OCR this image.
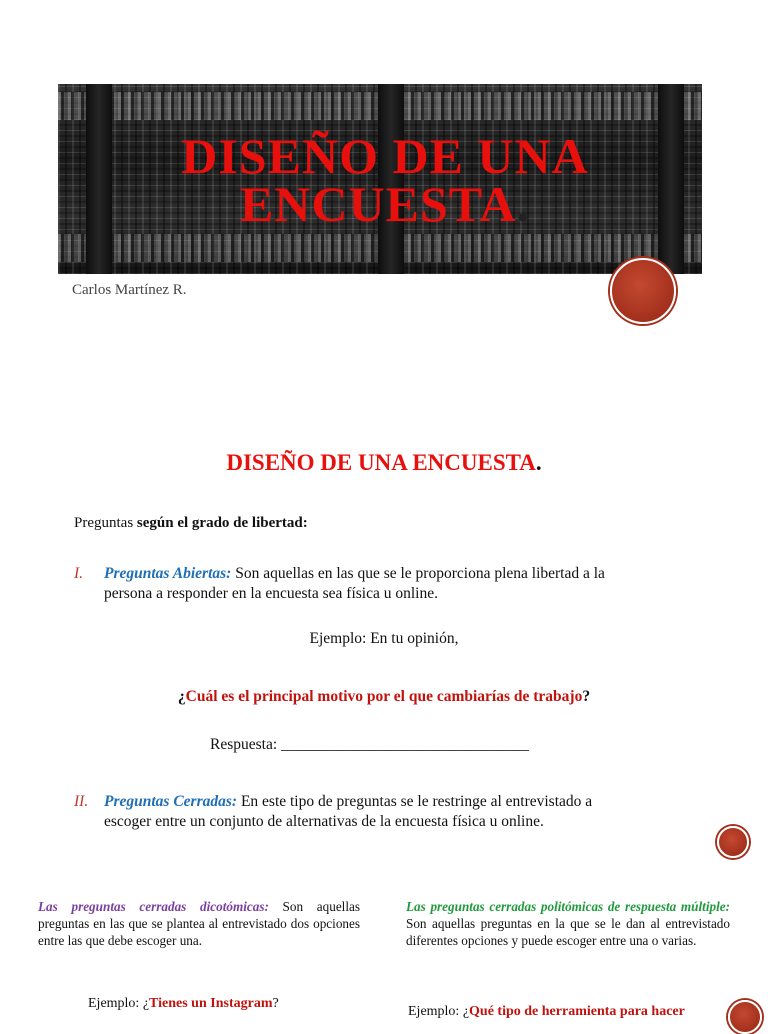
DISEÑO DE UNA
ENCUESTA.
Carlos Martínez R.
DISEÑO DE UNA ENCUESTA.
Preguntas según el grado de libertad:
I. Preguntas Abiertas: Son aquellas en las que se le proporciona plena libertad a la
persona a responder en la encuesta sea física u online.
Ejemplo: En tu opinión,
¿Cuál es el principal motivo por el que cambiarías de trabajo?
Respuesta: ________________________________
II. Preguntas Cerradas: En este tipo de preguntas se le restringe al entrevistado a
escoger entre un conjunto de alternativas de la encuesta física u online.
Las preguntas cerradas dicotómicas: Son aquellas preguntas en las que se plantea al entrevistado dos opciones entre las que debe escoger una.
Ejemplo: ¿Tienes un Instagram?
Las preguntas cerradas politómicas de respuesta múltiple: Son aquellas preguntas en la que se le dan al entrevistado diferentes opciones y puede escoger entre una o varias.
Ejemplo: ¿Qué tipo de herramienta para hacer
